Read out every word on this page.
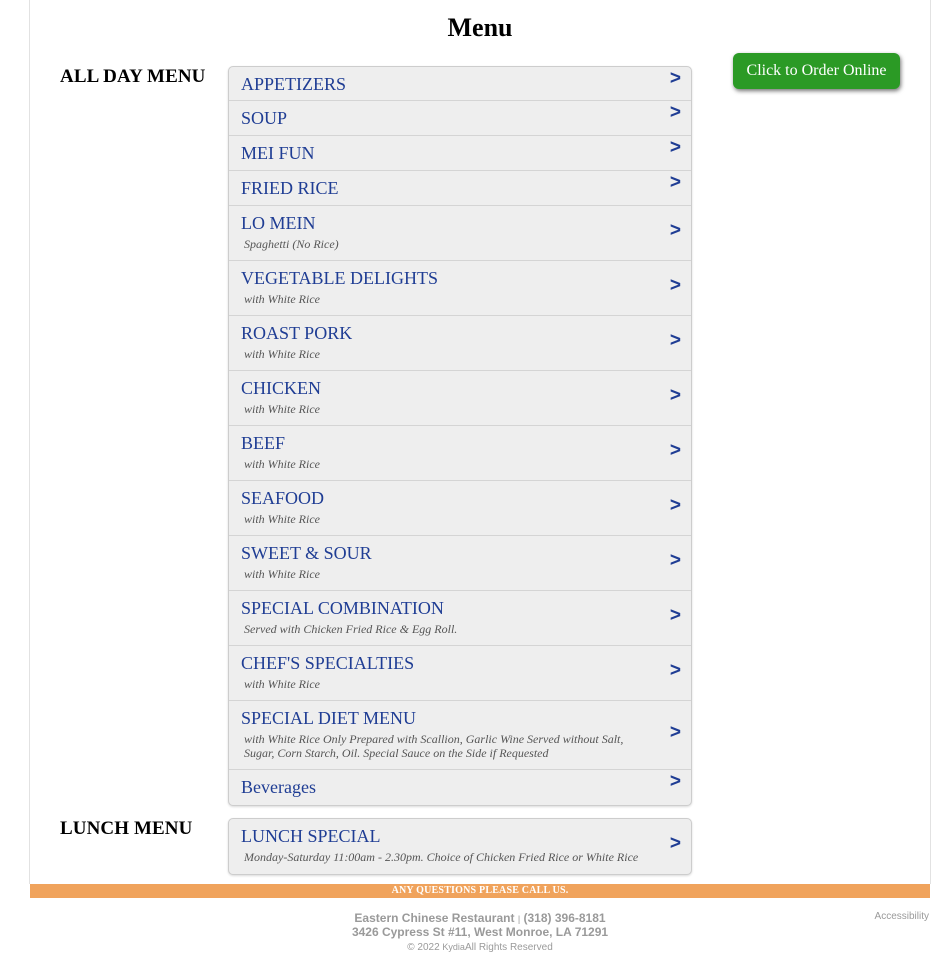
Menu
Click to Order Online
ALL DAY MENU APPETIZERS	>
SOUP	>
MEI FUN	>
FRIED RICE	>
LO MEIN
Spaghetti (No Rice)
>
VEGETABLE DELIGHTS
with White Rice
>
ROAST PORK
with White Rice
>
CHICKEN
with White Rice
>
BEEF
with White Rice
>
SEAFOOD
with White Rice
>
SWEET & SOUR
with White Rice
>
SPECIAL COMBINATION
Served with Chicken Fried Rice & Egg Roll.
>
CHEF'S SPECIALTIES
with White Rice
>
SPECIAL DIET MENU
with White Rice Only Prepared with Scallion, Garlic Wine Served without Salt, Sugar, Corn Starch, Oil. Special Sauce on the Side if Requested
>
Beverages	>
LUNCH MENU	LUNCH SPECIAL
Monday-Saturday 11:00am - 2.30pm. Choice of Chicken Fried Rice or White Rice
>
ANY QUESTIONS PLEASE CALL US.
Eastern Chinese Restaurant | (318) 396-8181
3426 Cypress St #11, West Monroe, LA 71291
© 2022 KydiaAll Rights Reserved
Accessibility
